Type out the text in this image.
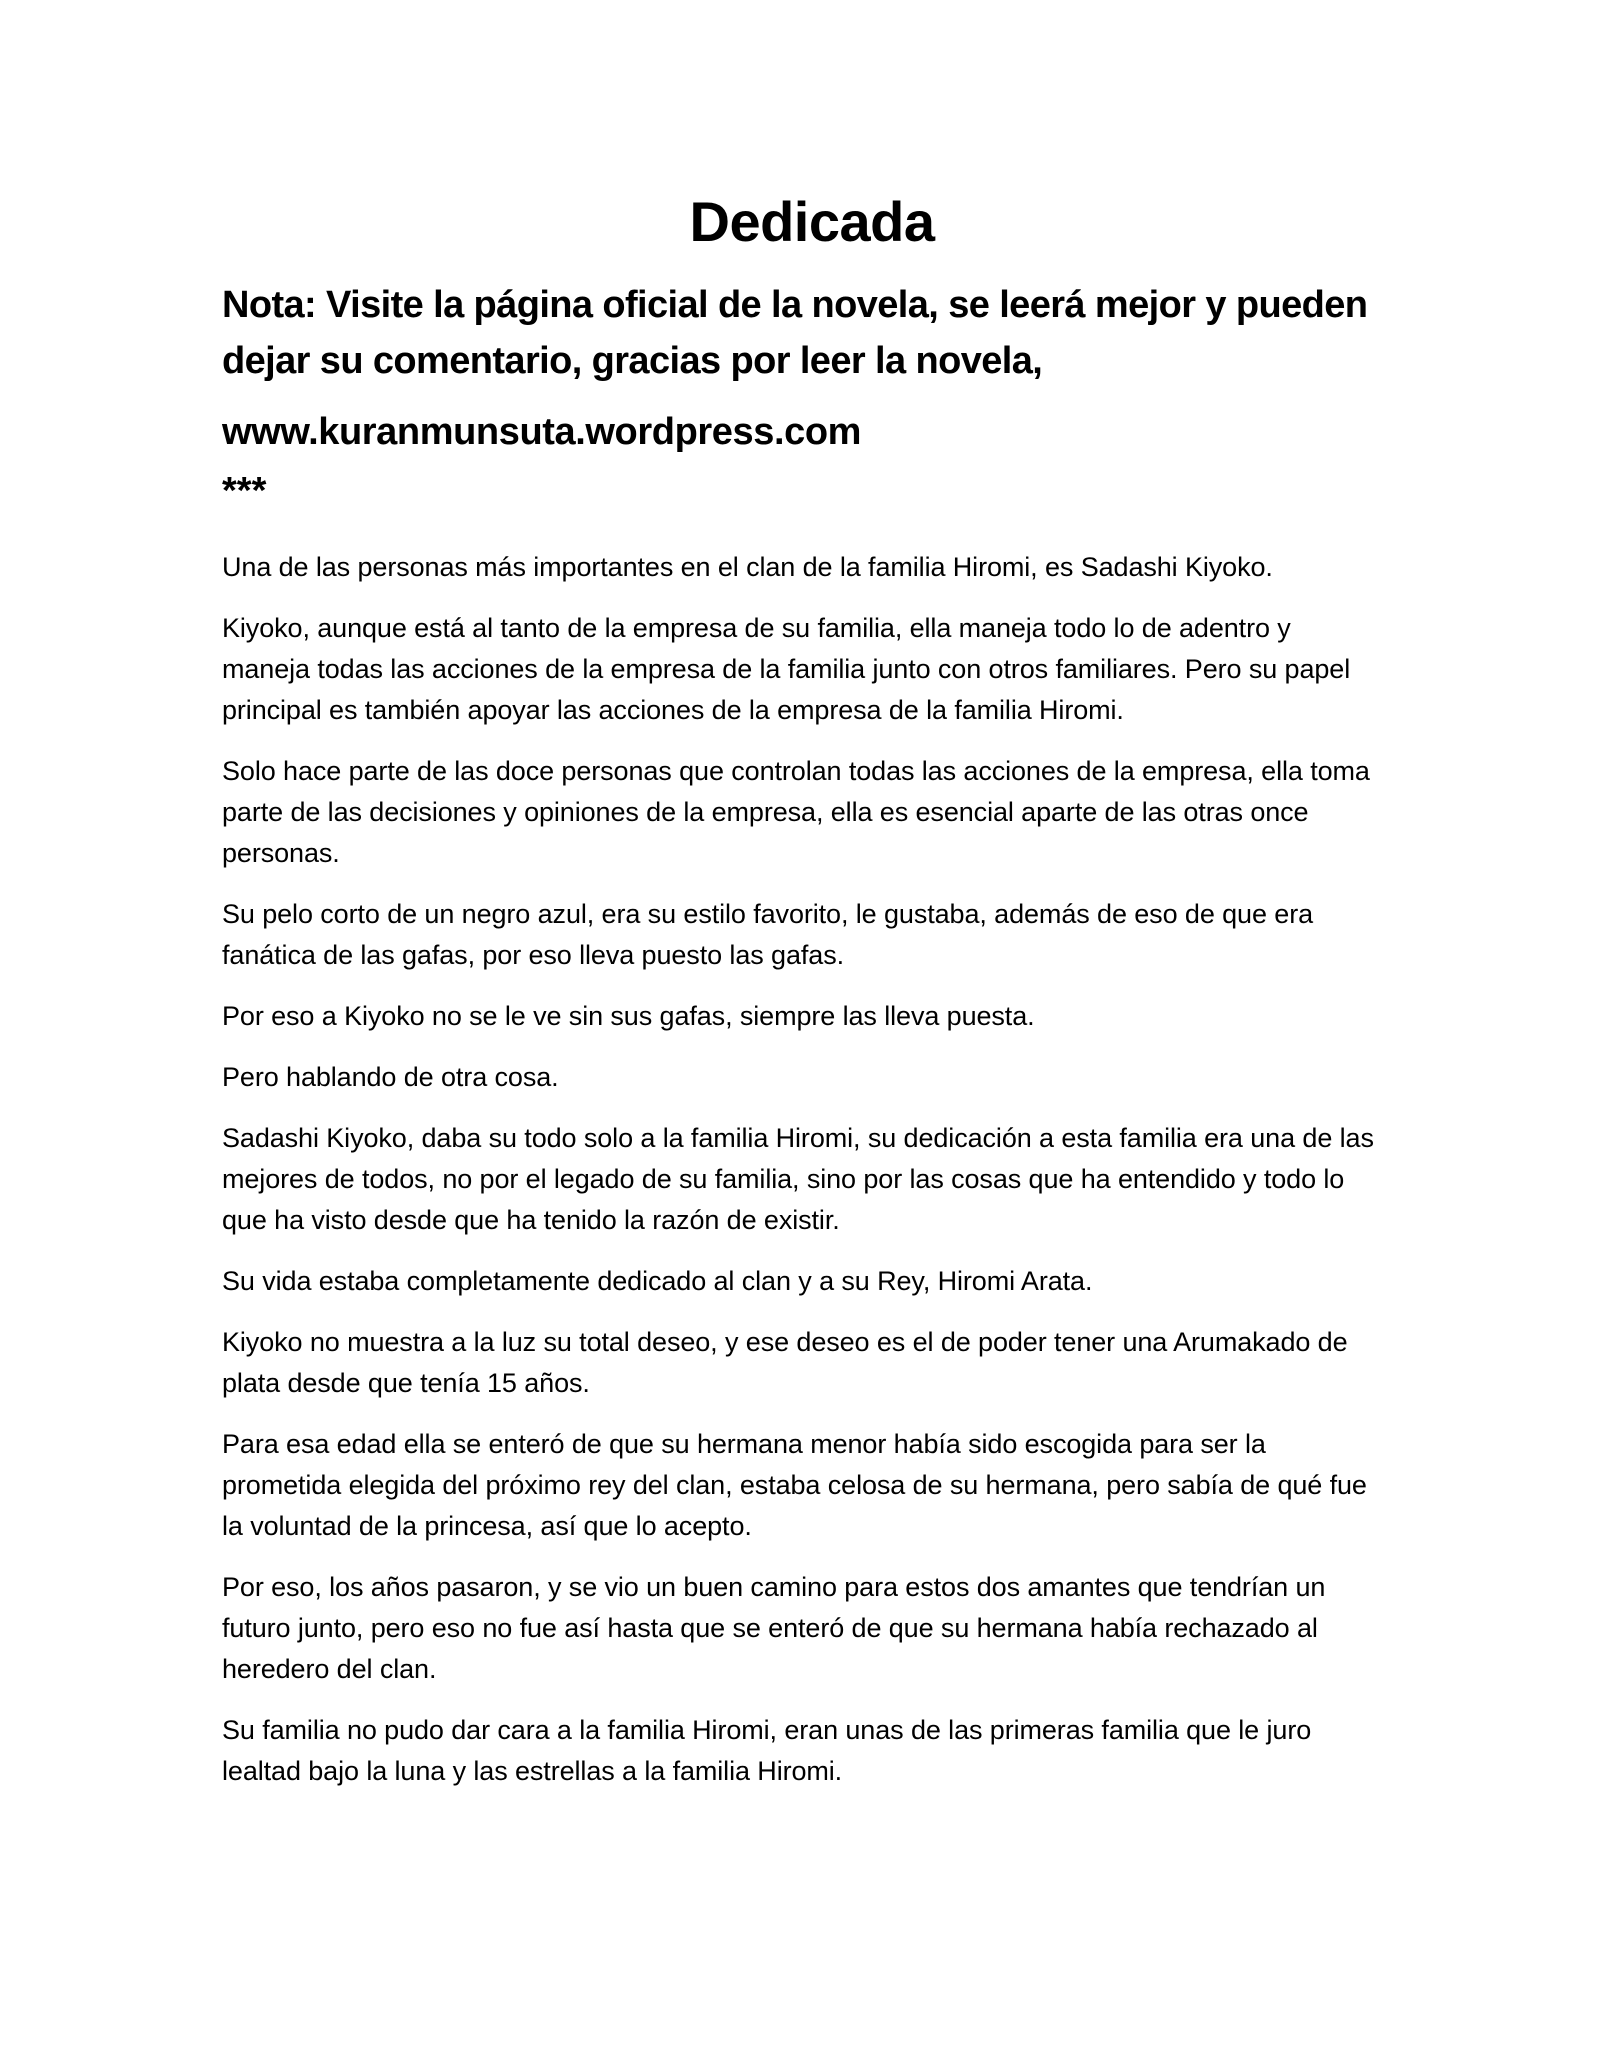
Dedicada

Nota: Visite la página oficial de la novela, se leerá mejor y pueden dejar su comentario, gracias por leer la novela,

www.kuranmunsuta.wordpress.com

***

Una de las personas más importantes en el clan de la familia Hiromi, es Sadashi Kiyoko.

Kiyoko, aunque está al tanto de la empresa de su familia, ella maneja todo lo de adentro y maneja todas las acciones de la empresa de la familia junto con otros familiares. Pero su papel principal es también apoyar las acciones de la empresa de la familia Hiromi.

Solo hace parte de las doce personas que controlan todas las acciones de la empresa, ella toma parte de las decisiones y opiniones de la empresa, ella es esencial aparte de las otras once personas.

Su pelo corto de un negro azul, era su estilo favorito, le gustaba, además de eso de que era fanática de las gafas, por eso lleva puesto las gafas.

Por eso a Kiyoko no se le ve sin sus gafas, siempre las lleva puesta.

Pero hablando de otra cosa.

Sadashi Kiyoko, daba su todo solo a la familia Hiromi, su dedicación a esta familia era una de las mejores de todos, no por el legado de su familia, sino por las cosas que ha entendido y todo lo que ha visto desde que ha tenido la razón de existir.

Su vida estaba completamente dedicado al clan y a su Rey, Hiromi Arata.

Kiyoko no muestra a la luz su total deseo, y ese deseo es el de poder tener una Arumakado de plata desde que tenía 15 años.

Para esa edad ella se enteró de que su hermana menor había sido escogida para ser la prometida elegida del próximo rey del clan, estaba celosa de su hermana, pero sabía de qué fue la voluntad de la princesa, así que lo acepto.

Por eso, los años pasaron, y se vio un buen camino para estos dos amantes que tendrían un futuro junto, pero eso no fue así hasta que se enteró de que su hermana había rechazado al heredero del clan.

Su familia no pudo dar cara a la familia Hiromi, eran unas de las primeras familia que le juro lealtad bajo la luna y las estrellas a la familia Hiromi.
